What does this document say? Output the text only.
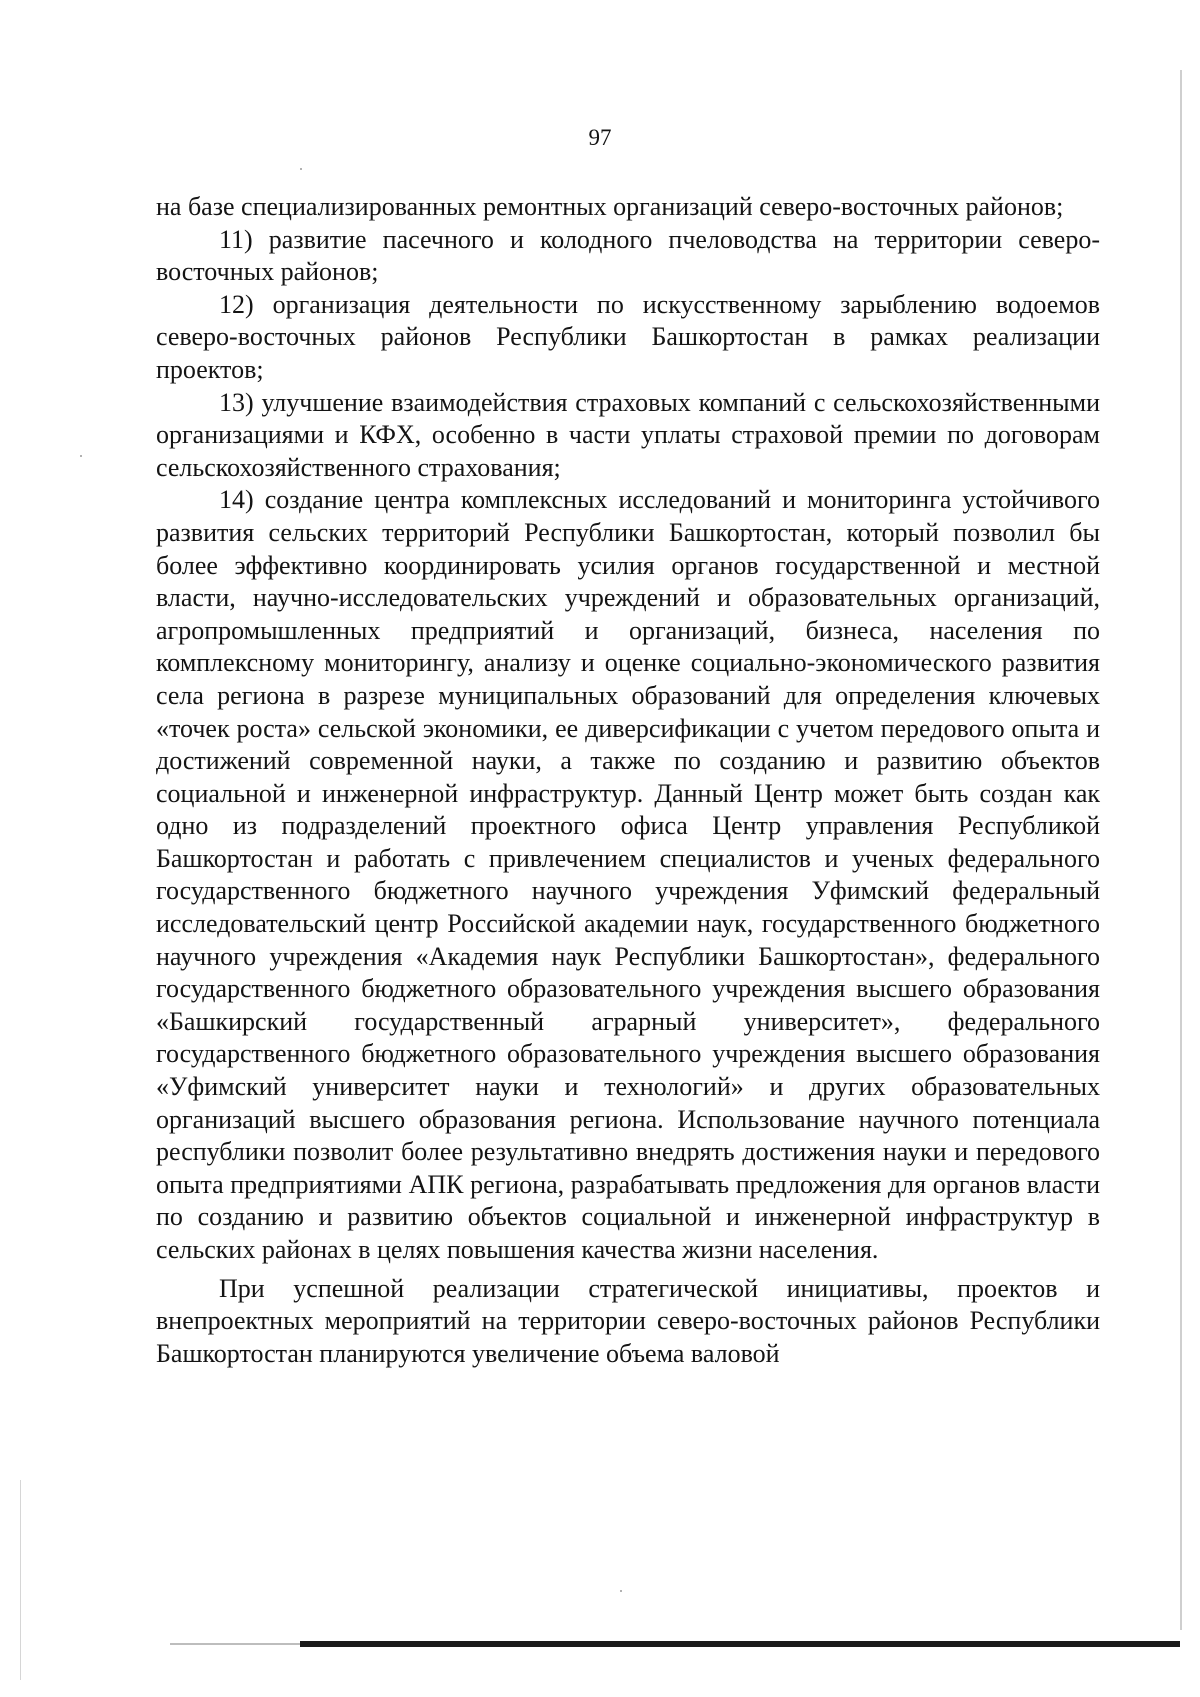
97

на базе специализированных ремонтных организаций северо-восточных районов;

11) развитие пасечного и колодного пчеловодства на территории северо-восточных районов;

12) организация деятельности по искусственному зарыблению водоемов северо-восточных районов Республики Башкортостан в рамках реализации проектов;

13) улучшение взаимодействия страховых компаний с сельскохозяйственными организациями и КФХ, особенно в части уплаты страховой премии по договорам сельскохозяйственного страхования;

14) создание центра комплексных исследований и мониторинга устойчивого развития сельских территорий Республики Башкортостан, который позволил бы более эффективно координировать усилия органов государственной и местной власти, научно-исследовательских учреждений и образовательных организаций, агропромышленных предприятий и организаций, бизнеса, населения по комплексному мониторингу, анализу и оценке социально-экономического развития села региона в разрезе муниципальных образований для определения ключевых «точек роста» сельской экономики, ее диверсификации с учетом передового опыта и достижений современной науки, а также по созданию и развитию объектов социальной и инженерной инфраструктур. Данный Центр может быть создан как одно из подразделений проектного офиса Центр управления Республикой Башкортостан и работать с привлечением специалистов и ученых федерального государственного бюджетного научного учреждения Уфимский федеральный исследовательский центр Российской академии наук, государственного бюджетного научного учреждения «Академия наук Республики Башкортостан», федерального государственного бюджетного образовательного учреждения высшего образования «Башкирский государственный аграрный университет», федерального государственного бюджетного образовательного учреждения высшего образования «Уфимский университет науки и технологий» и других образовательных организаций высшего образования региона. Использование научного потенциала республики позволит более результативно внедрять достижения науки и передового опыта предприятиями АПК региона, разрабатывать предложения для органов власти по созданию и развитию объектов социальной и инженерной инфраструктур в сельских районах в целях повышения качества жизни населения.

При успешной реализации стратегической инициативы, проектов и внепроектных мероприятий на территории северо-восточных районов Республики Башкортостан планируются увеличение объема валовой
